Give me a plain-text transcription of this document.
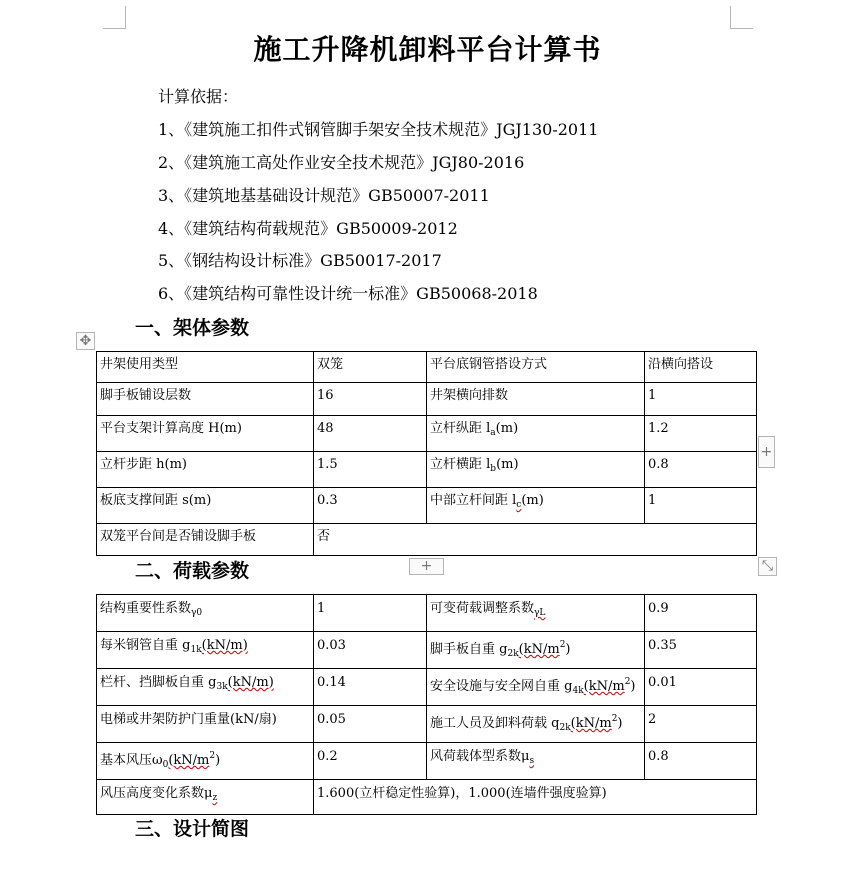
施工升降机卸料平台计算书

计算依据：

1、《建筑施工扣件式钢管脚手架安全技术规范》JGJ130-2011

2、《建筑施工高处作业安全技术规范》JGJ80-2016

3、《建筑地基基础设计规范》GB50007-2011

4、《建筑结构荷载规范》GB50009-2012

5、《钢结构设计标准》GB50017-2017

6、《建筑结构可靠性设计统一标准》GB50068-2018

一、架体参数
✥
井架使用类型	双笼	平台底钢管搭设方式	沿横向搭设
脚手板铺设层数	16	井架横向排数	1
平台支架计算高度 H(m)	48	立杆纵距 $l_a(m)$	1.2
立杆步距 h(m)	1.5	立杆横距 $l_b(m)$	0.8
板底支撑间距 s(m)	0.3	中部立杆间距 $l_c(m)$	1
双笼平台间是否铺设脚手板	否		
+
二、荷载参数	+	⤡
结构重要性系数$_{\gamma 0}$	1	可变荷载调整系数$_{\gamma L}$	0.9
每米钢管自重 $g_{1k}(kN/m)$	0.03	脚手板自重 $g_{2k}(kN/m^2)$	0.35
栏杆、挡脚板自重 $g_{3k}(kN/m)$	0.14	安全设施与安全网自重 $g_{4k}(kN/m^2)$	0.01
电梯或井架防护门重量(kN/扇)	0.05	施工人员及卸料荷载 $q_{2k}(kN/m^2)$	2
基本风压$\omega_0(kN/m^2)$	0.2	风荷载体型系数$\mu_s$	0.8
风压高度变化系数$\mu_z$	1.600(立杆稳定性验算)，1.000(连墙件强度验算)		
三、设计简图
